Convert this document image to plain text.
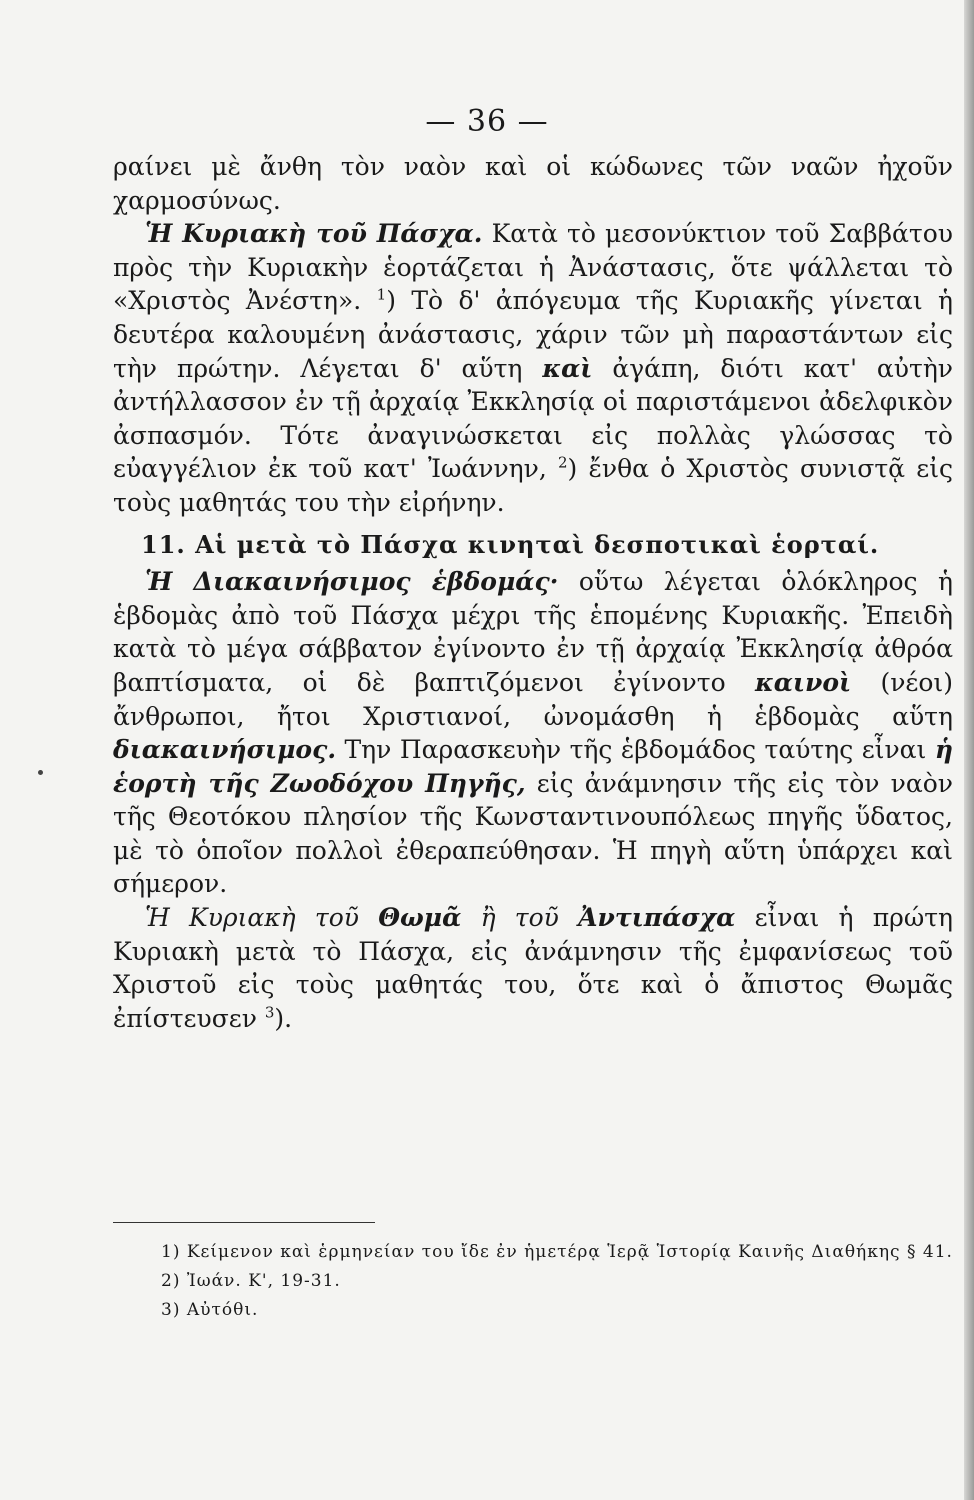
— 36 —

ραίνει μὲ ἄνθη τὸν ναὸν καὶ οἱ κώδωνες τῶν ναῶν ἠχοῦν χαρμοσύνως.

Ἡ Κυριακὴ τοῦ Πάσχα. Κατὰ τὸ μεσονύκτιον τοῦ Σαββάτου πρὸς τὴν Κυριακὴν ἑορτάζεται ἡ Ἀνάστασις, ὅτε ψάλλεται τὸ «Χριστὸς Ἀνέστη». $^1$) Τὸ δ' ἀπόγευμα τῆς Κυριακῆς γίνεται ἡ δευτέρα καλουμένη ἀνάστασις, χάριν τῶν μὴ παραστάντων εἰς τὴν πρώτην. Λέγεται δ' αὕτη καὶ ἀγάπη, διότι κατ' αὐτὴν ἀντήλλασσον ἐν τῇ ἀρχαίᾳ Ἐκκλησίᾳ οἱ παριστάμενοι ἀδελφικὸν ἀσπασμόν. Τότε ἀναγινώσκεται εἰς πολλὰς γλώσσας τὸ εὐαγγέλιον ἐκ τοῦ κατ' Ἰωάννην, $^2$) ἔνθα ὁ Χριστὸς συνιστᾷ εἰς τοὺς μαθητάς του τὴν εἰρήνην.

11. Αἱ μετὰ τὸ Πάσχα κινηταὶ δεσποτικαὶ ἑορταί.

Ἡ Διακαινήσιμος ἑβδομάς· οὕτω λέγεται ὁλόκληρος ἡ ἑβδομὰς ἀπὸ τοῦ Πάσχα μέχρι τῆς ἑπομένης Κυριακῆς. Ἐπειδὴ κατὰ τὸ μέγα σάββατον ἐγίνοντο ἐν τῇ ἀρχαίᾳ Ἐκκλησίᾳ ἀθρόα βαπτίσματα, οἱ δὲ βαπτιζόμενοι ἐγίνοντο καινοὶ (νέοι) ἄνθρωποι, ἤτοι Χριστιανοί, ὠνομάσθη ἡ ἑβδομὰς αὕτη διακαινήσιμος. Την Παρασκευὴν τῆς ἑβδομάδος ταύτης εἶναι ἡ ἑορτὴ τῆς Ζωοδόχου Πηγῆς, εἰς ἀνάμνησιν τῆς εἰς τὸν ναὸν τῆς Θεοτόκου πλησίον τῆς Κωνσταντινουπόλεως πηγῆς ὕδατος, μὲ τὸ ὁποῖον πολλοὶ ἐθεραπεύθησαν. Ἡ πηγὴ αὕτη ὑπάρχει καὶ σήμερον.

Ἡ Κυριακὴ τοῦ Θωμᾶ ἢ τοῦ Ἀντιπάσχα εἶναι ἡ πρώτη Κυριακὴ μετὰ τὸ Πάσχα, εἰς ἀνάμνησιν τῆς ἐμφανίσεως τοῦ Χριστοῦ εἰς τοὺς μαθητάς του, ὅτε καὶ ὁ ἄπιστος Θωμᾶς ἐπίστευσεν $^3$).

1) Κείμενον καὶ ἑρμηνείαν του ἴδε ἐν ἡμετέρᾳ Ἱερᾷ Ἱστορίᾳ Καινῆς Διαθήκης § 41.

2) Ἰωάν. Κ', 19-31.

3) Αὐτόθι.
